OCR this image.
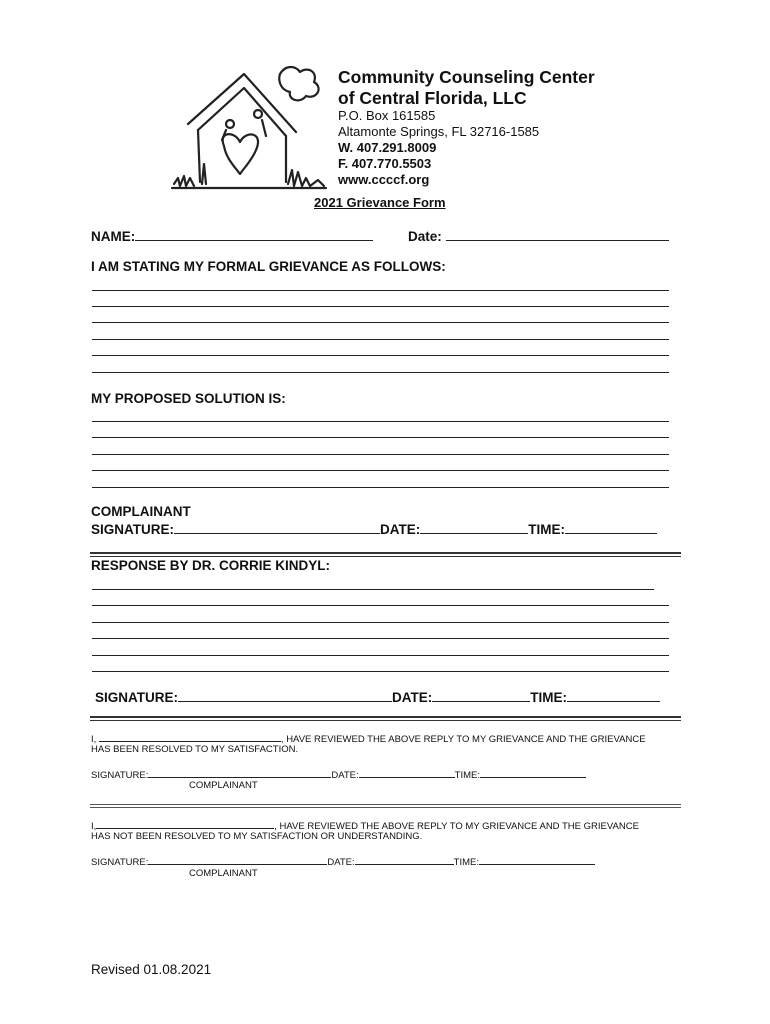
Community Counseling Center
of Central Florida, LLC
P.O. Box 161585
Altamonte Springs, FL 32716-1585
W. 407.291.8009
F. 407.770.5503
www.ccccf.org
2021 Grievance Form
NAME:	Date:
I AM STATING MY FORMAL GRIEVANCE AS FOLLOWS:
MY PROPOSED SOLUTION IS:
COMPLAINANT
SIGNATURE:	DATE:	TIME:
RESPONSE BY DR. CORRIE KINDYL:
SIGNATURE:	DATE:	TIME:
I,	, HAVE REVIEWED THE ABOVE REPLY TO MY GRIEVANCE AND THE GRIEVANCE
HAS BEEN RESOLVED TO MY SATISFACTION.
SIGNATURE:	DATE:	TIME:
COMPLAINANT
I,	, HAVE REVIEWED THE ABOVE REPLY TO MY GRIEVANCE AND THE GRIEVANCE
HAS NOT BEEN RESOLVED TO MY SATISFACTION OR UNDERSTANDING.
SIGNATURE:	DATE:	TIME:
COMPLAINANT
Revised 01.08.2021
